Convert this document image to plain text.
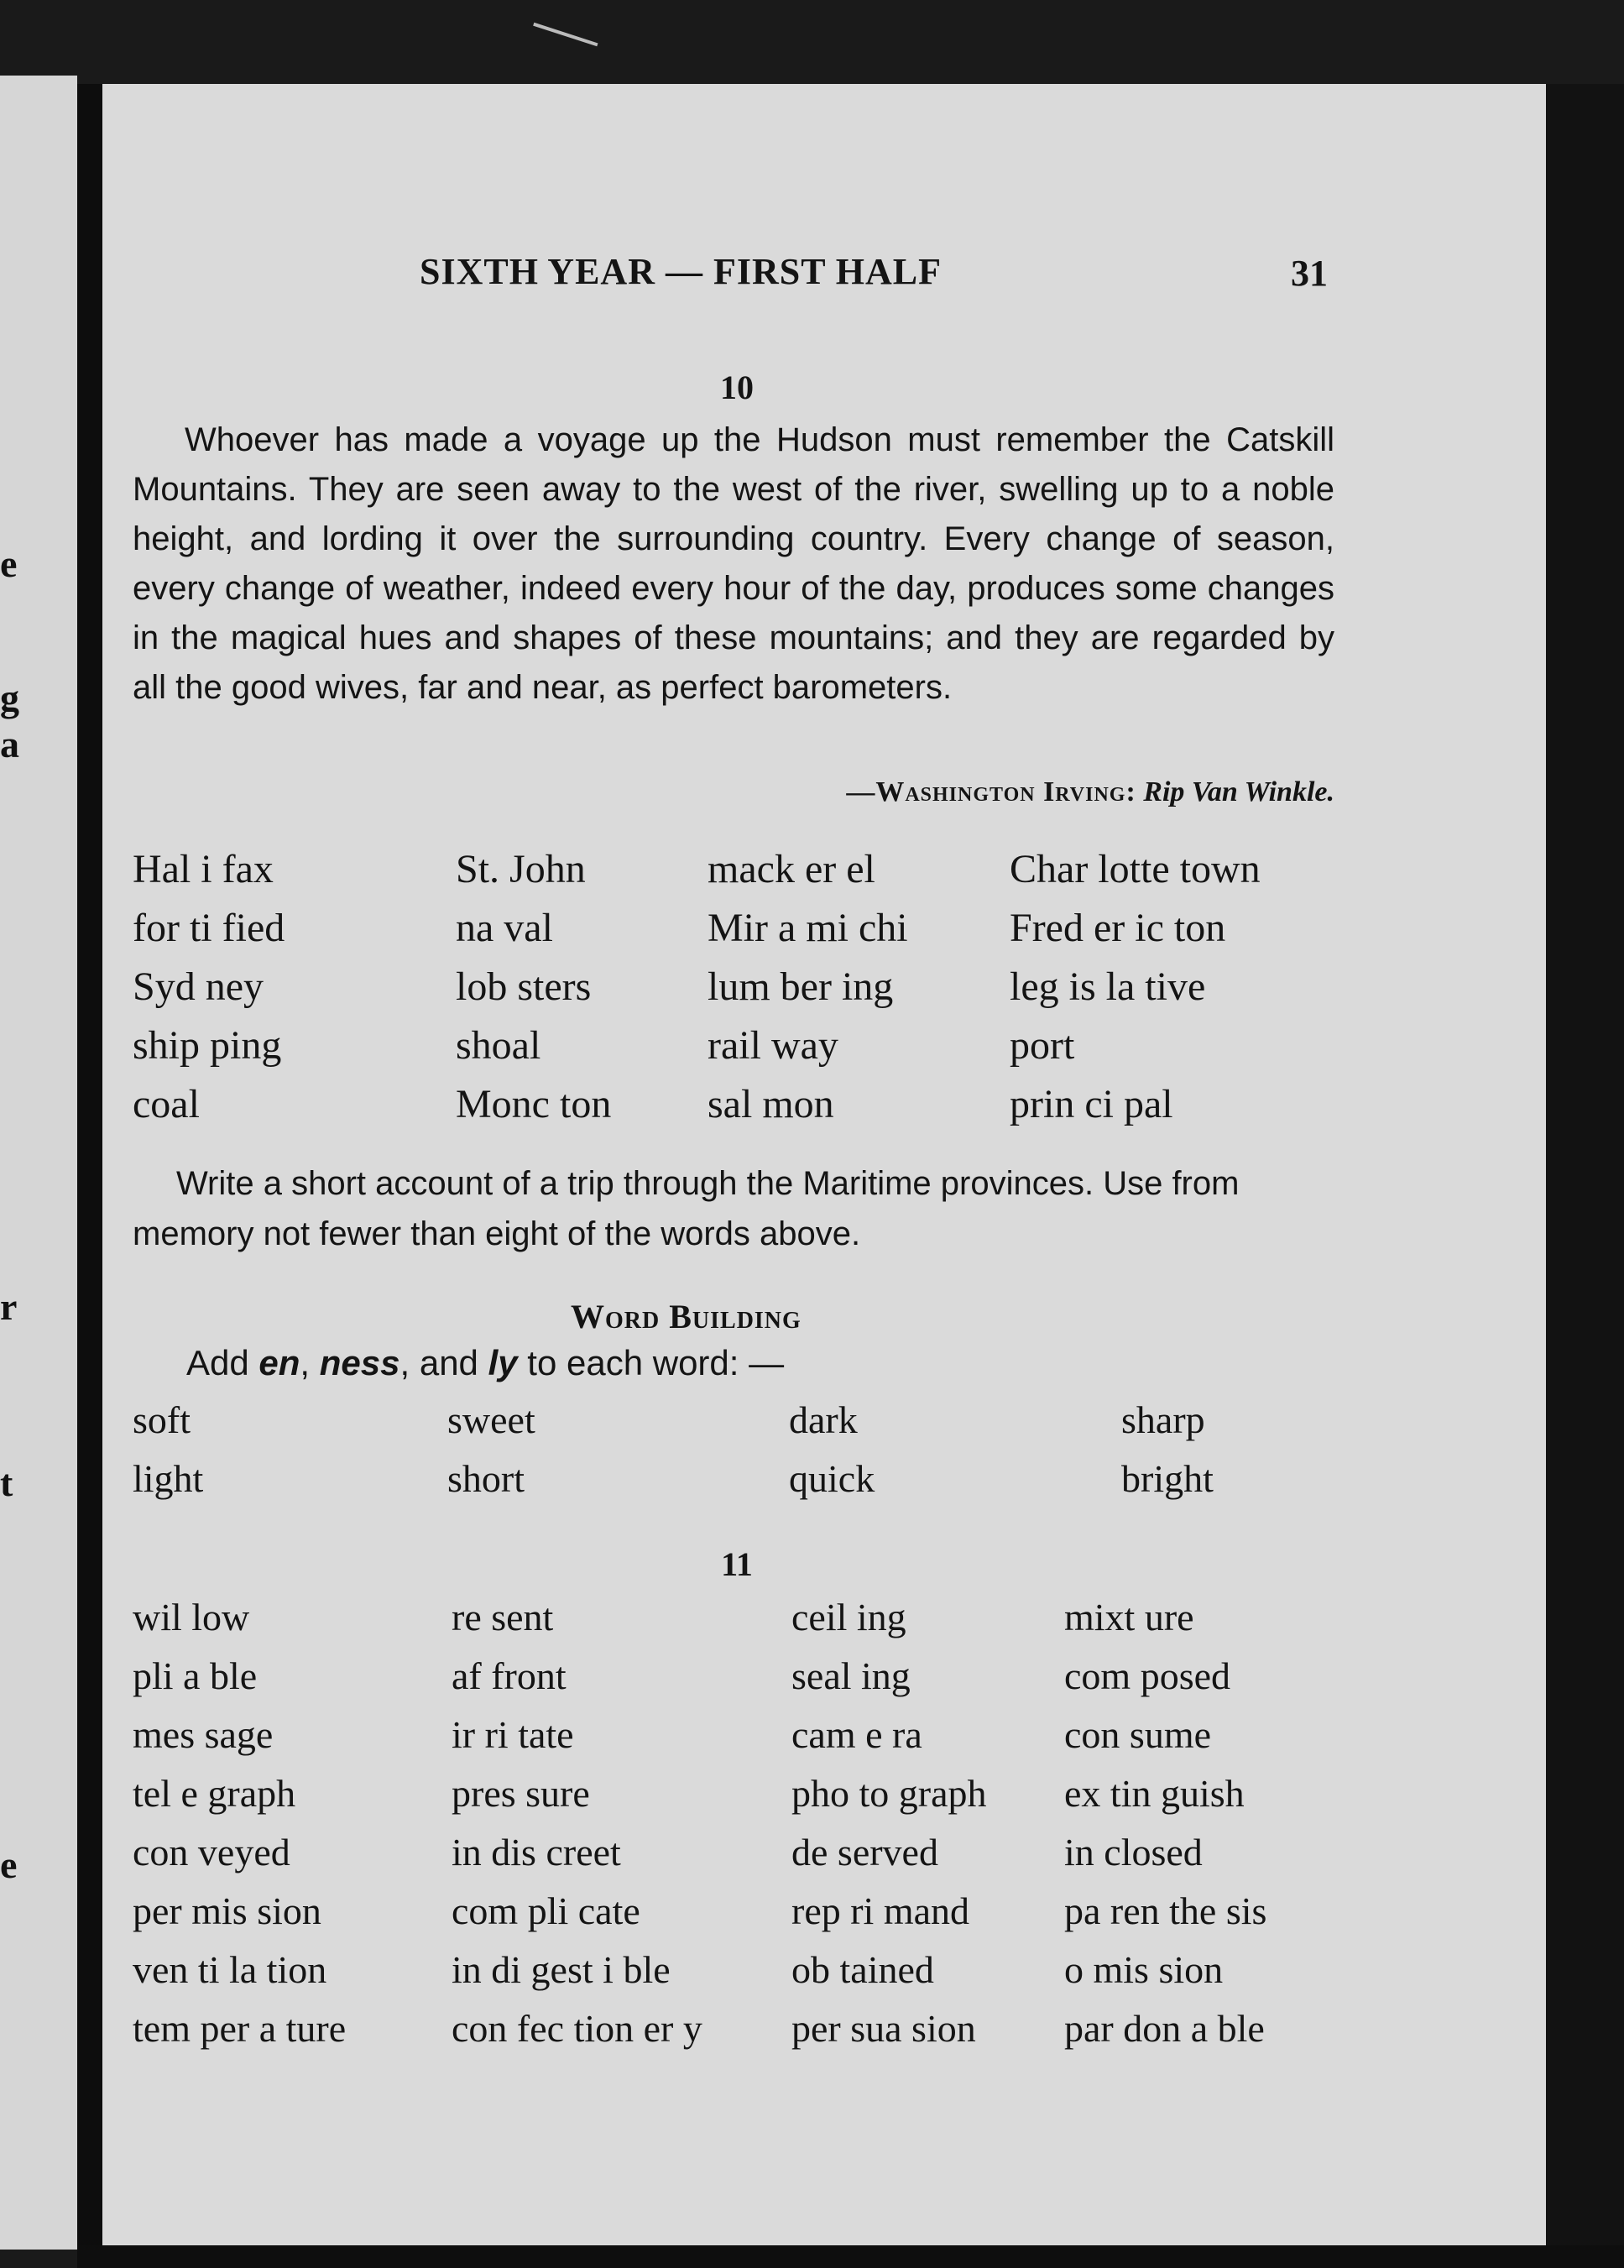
e
g
a
r
t
e
SIXTH YEAR — FIRST HALF	31
10
Whoever has made a voyage up the Hudson must remember the Catskill Mountains. They are seen away to the west of the river, swelling up to a noble height, and lording it over the surrounding country. Every change of season, every change of weather, indeed every hour of the day, produces some changes in the magical hues and shapes of these mountains; and they are regarded by all the good wives, far and near, as perfect barometers.
—Washington Irving: Rip Van Winkle.
Hal i fax
for ti fied
Syd ney
ship ping
coal
St. John
na val
lob sters
shoal
Monc ton
mack er el
Mir a mi chi
lum ber ing
rail way
sal mon
Char lotte town
Fred er ic ton
leg is la tive
port
prin ci pal
Write a short account of a trip through the Maritime provinces. Use from memory not fewer than eight of the words above.
Word Building
Add en, ness, and ly to each word: —
soft
light
sweet
short
dark
quick
sharp
bright
11
wil low
pli a ble
mes sage
tel e graph
con veyed
per mis sion
ven ti la tion
tem per a ture
re sent
af front
ir ri tate
pres sure
in dis creet
com pli cate
in di gest i ble
con fec tion er y
ceil ing
seal ing
cam e ra
pho to graph
de served
rep ri mand
ob tained
per sua sion
mixt ure
com posed
con sume
ex tin guish
in closed
pa ren the sis
o mis sion
par don a ble
